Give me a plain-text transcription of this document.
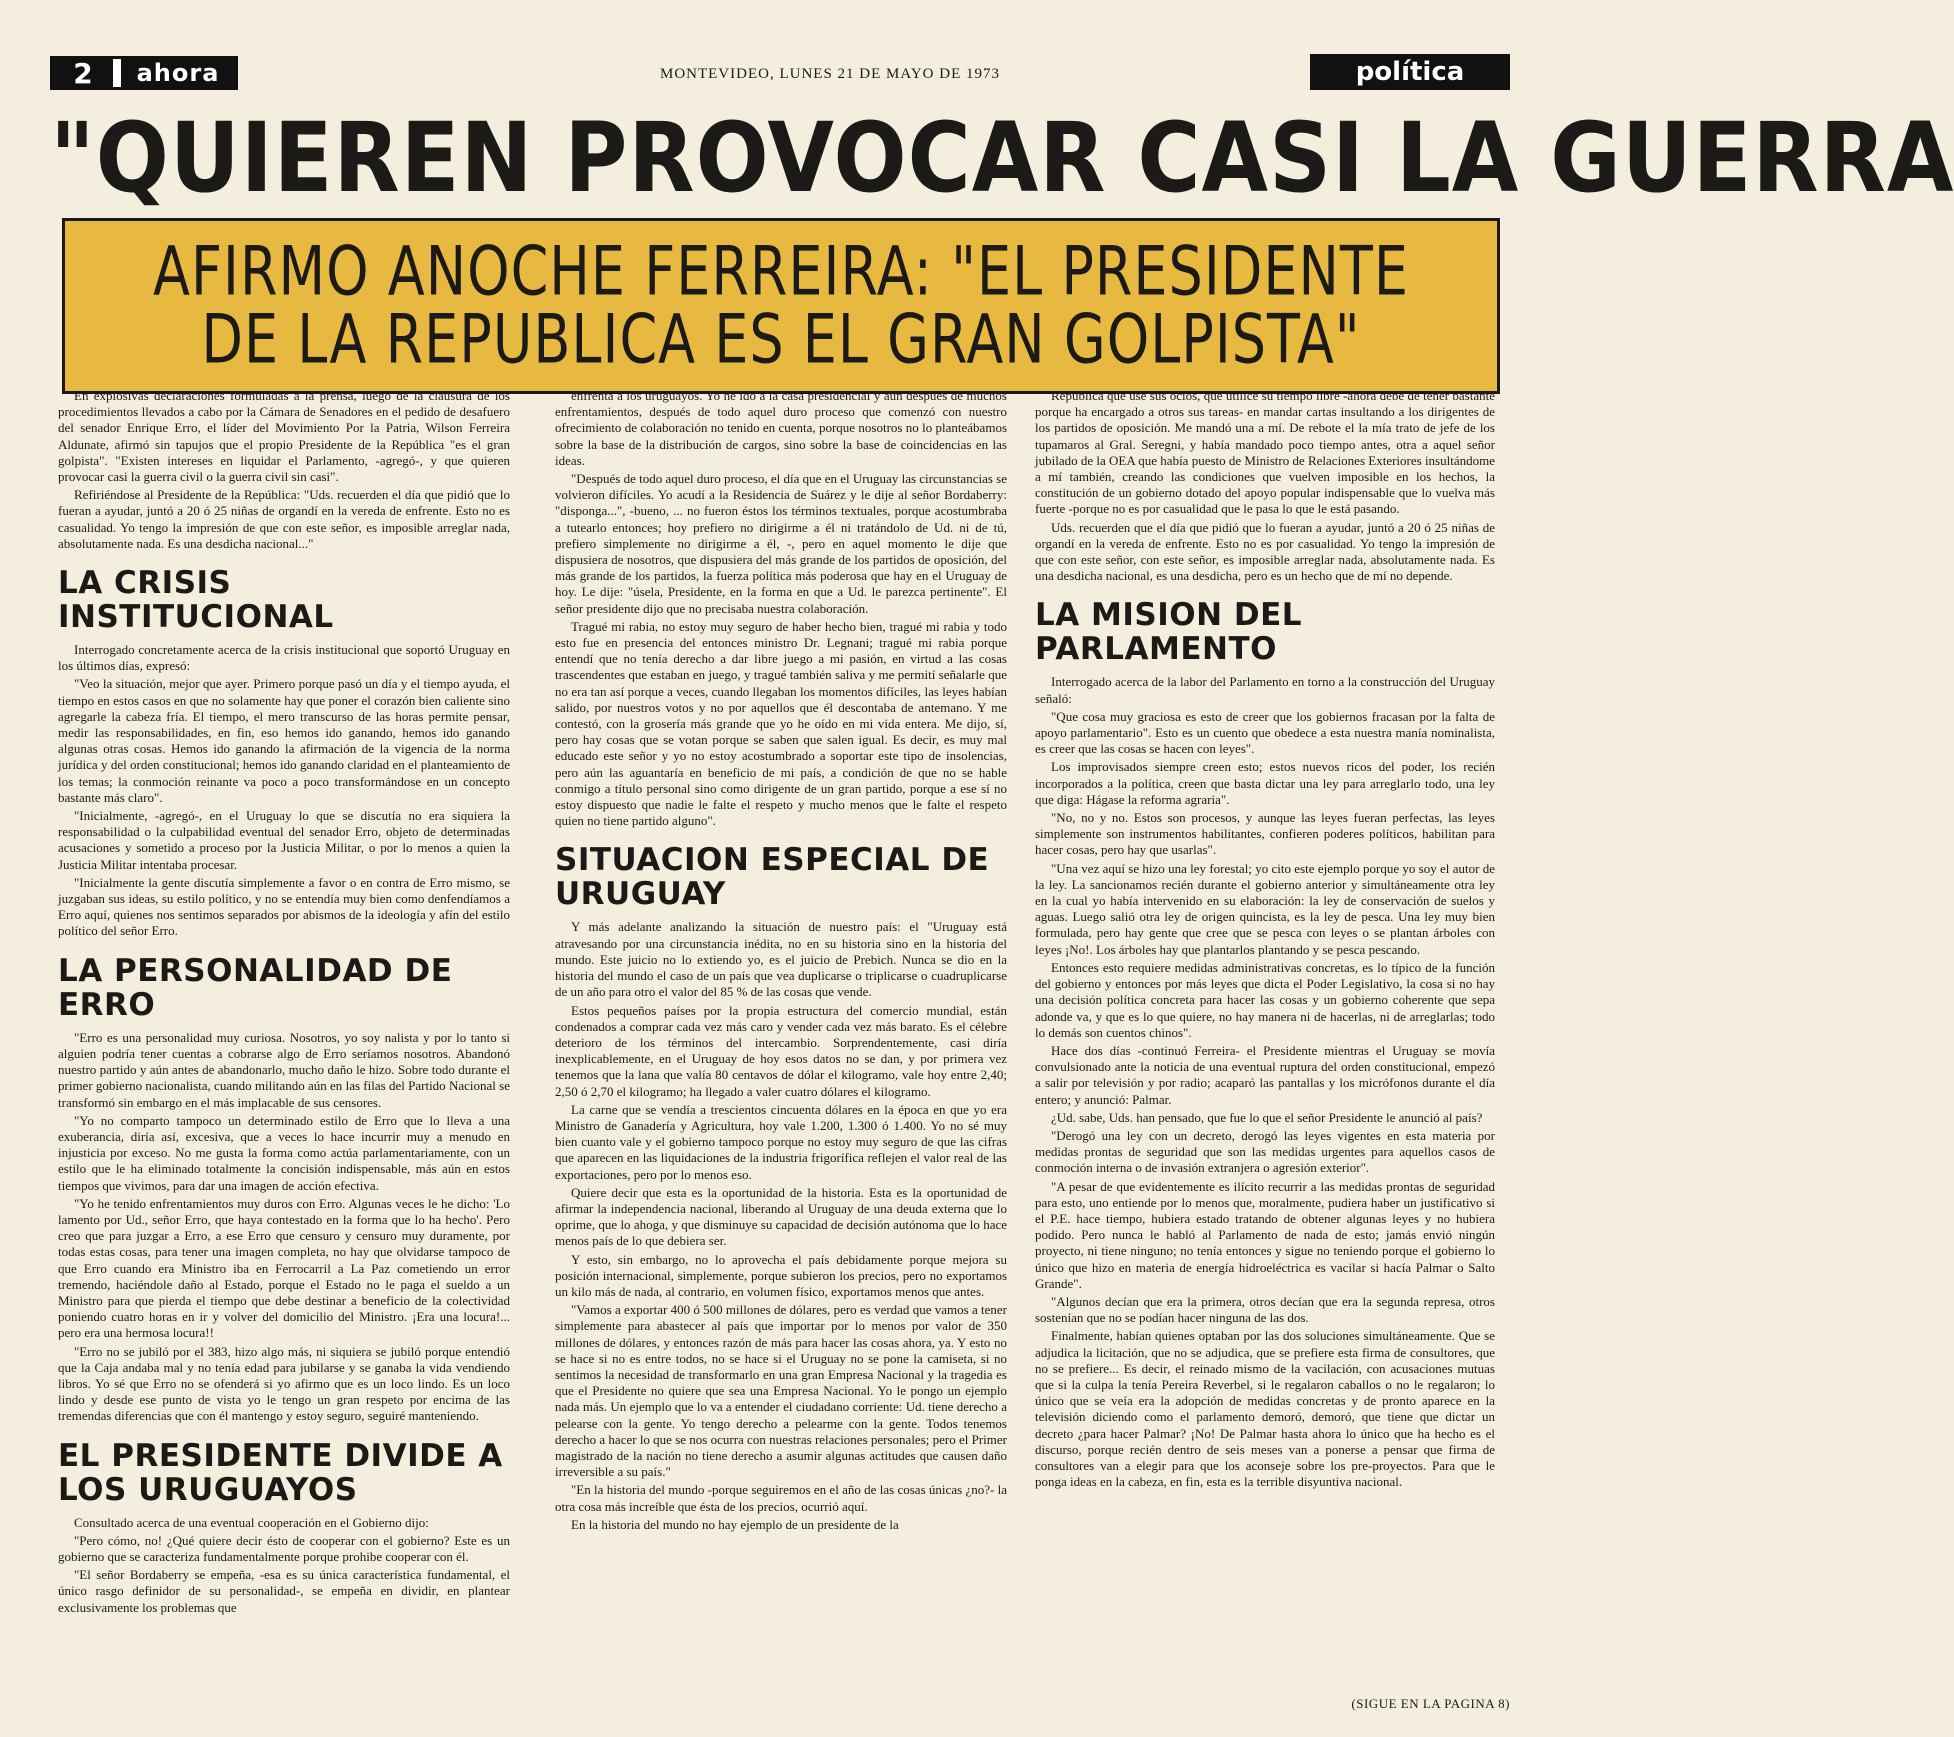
2	ahora	MONTEVIDEO, LUNES 21 DE MAYO DE 1973	política
"QUIEREN PROVOCAR CASI LA GUERRA
AFIRMO ANOCHE FERREIRA: "EL PRESIDENTE
DE LA REPUBLICA ES EL GRAN GOLPISTA"

En explosivas declaraciones formuladas a la prensa, luego de la clausura de los procedimientos llevados a cabo por la Cámara de Senadores en el pedido de desafuero del senador Enrique Erro, el líder del Movimiento Por la Patria, Wilson Ferreira Aldunate, afirmó sin tapujos que el propio Presidente de la República "es el gran golpista". "Existen intereses en liquidar el Parlamento, -agregó-, y que quieren provocar casi la guerra civil o la guerra civil sin casi".

Refiriéndose al Presidente de la República: "Uds. recuerden el día que pidió que lo fueran a ayudar, juntó a 20 ó 25 niñas de organdí en la vereda de enfrente. Esto no es casualidad. Yo tengo la impresión de que con este señor, es imposible arreglar nada, absolutamente nada. Es una desdicha nacional..."

LA CRISIS INSTITUCIONAL

Interrogado concretamente acerca de la crisis institucional que soportó Uruguay en los últimos días, expresó:

"Veo la situación, mejor que ayer. Primero porque pasó un día y el tiempo ayuda, el tiempo en estos casos en que no solamente hay que poner el corazón bien caliente sino agregarle la cabeza fría. El tiempo, el mero transcurso de las horas permite pensar, medir las responsabilidades, en fin, eso hemos ido ganando, hemos ido ganando algunas otras cosas. Hemos ido ganando la afirmación de la vigencia de la norma jurídica y del orden constitucional; hemos ido ganando claridad en el planteamiento de los temas; la conmoción reinante va poco a poco transformándose en un concepto bastante más claro".

"Inicialmente, -agregó-, en el Uruguay lo que se discutía no era siquiera la responsabilidad o la culpabilidad eventual del senador Erro, objeto de determinadas acusaciones y sometido a proceso por la Justicia Militar, o por lo menos a quien la Justicia Militar intentaba procesar.

"Inicialmente la gente discutía simplemente a favor o en contra de Erro mismo, se juzgaban sus ideas, su estilo político, y no se entendía muy bien como denfendíamos a Erro aquí, quienes nos sentimos separados por abismos de la ideología y afín del estilo político del señor Erro.

LA PERSONALIDAD DE ERRO

"Erro es una personalidad muy curiosa. Nosotros, yo soy nalista y por lo tanto si alguien podría tener cuentas a cobrarse algo de Erro seríamos nosotros. Abandonó nuestro partido y aún antes de abandonarlo, mucho daño le hizo. Sobre todo durante el primer gobierno nacionalista, cuando militando aún en las filas del Partido Nacional se transformó sin embargo en el más implacable de sus censores.

"Yo no comparto tampoco un determinado estilo de Erro que lo lleva a una exuberancia, diría así, excesiva, que a veces lo hace incurrir muy a menudo en injusticia por exceso. No me gusta la forma como actúa parlamentariamente, con un estilo que le ha eliminado totalmente la concisión indispensable, más aún en estos tiempos que vivimos, para dar una imagen de acción efectiva.

"Yo he tenido enfrentamientos muy duros con Erro. Algunas veces le he dicho: 'Lo lamento por Ud., señor Erro, que haya contestado en la forma que lo ha hecho'. Pero creo que para juzgar a Erro, a ese Erro que censuro y censuro muy duramente, por todas estas cosas, para tener una imagen completa, no hay que olvidarse tampoco de que Erro cuando era Ministro iba en Ferrocarril a La Paz cometiendo un error tremendo, haciéndole daño al Estado, porque el Estado no le paga el sueldo a un Ministro para que pierda el tiempo que debe destinar a beneficio de la colectividad poniendo cuatro horas en ir y volver del domicilio del Ministro. ¡Era una locura!... pero era una hermosa locura!!

"Erro no se jubiló por el 383, hizo algo más, ni siquiera se jubiló porque entendió que la Caja andaba mal y no tenía edad para jubilarse y se ganaba la vida vendiendo libros. Yo sé que Erro no se ofenderá si yo afirmo que es un loco lindo. Es un loco lindo y desde ese punto de vista yo le tengo un gran respeto por encima de las tremendas diferencias que con él mantengo y estoy seguro, seguiré manteniendo.

EL PRESIDENTE DIVIDE A LOS URUGUAYOS

Consultado acerca de una eventual cooperación en el Gobierno dijo:

"Pero cómo, no! ¿Qué quiere decir ésto de cooperar con el gobierno? Este es un gobierno que se caracteriza fundamentalmente porque prohibe cooperar con él.

"El señor Bordaberry se empeña, -esa es su única característica fundamental, el único rasgo definidor de su personalidad-, se empeña en dividir, en plantear exclusivamente los problemas que

enfrenta a los uruguayos. Yo he ido a la casa presidencial y aún después de muchos enfrentamientos, después de todo aquel duro proceso que comenzó con nuestro ofrecimiento de colaboración no tenido en cuenta, porque nosotros no lo planteábamos sobre la base de la distribución de cargos, sino sobre la base de coincidencias en las ideas.

"Después de todo aquel duro proceso, el día que en el Uruguay las circunstancias se volvieron difíciles. Yo acudí a la Residencia de Suárez y le dije al señor Bordaberry: "disponga...", -bueno, ... no fueron éstos los términos textuales, porque acostumbraba a tutearlo entonces; hoy prefiero no dirigirme a él ni tratándolo de Ud. ni de tú, prefiero simplemente no dirigirme a él, -, pero en aquel momento le dije que dispusiera de nosotros, que dispusiera del más grande de los partidos de oposición, del más grande de los partidos, la fuerza política más poderosa que hay en el Uruguay de hoy. Le dije: "úsela, Presidente, en la forma en que a Ud. le parezca pertinente". El señor presidente dijo que no precisaba nuestra colaboración.

Tragué mi rabia, no estoy muy seguro de haber hecho bien, tragué mi rabia y todo esto fue en presencia del entonces ministro Dr. Legnani; tragué mi rabia porque entendí que no tenía derecho a dar libre juego a mi pasión, en virtud a las cosas trascendentes que estaban en juego, y tragué también saliva y me permití señalarle que no era tan así porque a veces, cuando llegaban los momentos difíciles, las leyes habían salido, por nuestros votos y no por aquellos que él descontaba de antemano. Y me contestó, con la grosería más grande que yo he oído en mi vida entera. Me dijo, sí, pero hay cosas que se votan porque se saben que salen igual. Es decir, es muy mal educado este señor y yo no estoy acostumbrado a soportar este tipo de insolencias, pero aún las aguantaría en beneficio de mi país, a condición de que no se hable conmigo a título personal sino como dirigente de un gran partido, porque a ese sí no estoy dispuesto que nadie le falte el respeto y mucho menos que le falte el respeto quien no tiene partido alguno".

SITUACION ESPECIAL DE URUGUAY

Y más adelante analizando la situación de nuestro país: el "Uruguay está atravesando por una circunstancia inédita, no en su historia sino en la historia del mundo. Este juicio no lo extiendo yo, es el juicio de Prebich. Nunca se dio en la historia del mundo el caso de un país que vea duplicarse o triplicarse o cuadruplicarse de un año para otro el valor del 85 % de las cosas que vende.

Estos pequeños países por la propia estructura del comercio mundial, están condenados a comprar cada vez más caro y vender cada vez más barato. Es el célebre deterioro de los términos del intercambio. Sorprendentemente, casi diría inexplicablemente, en el Uruguay de hoy esos datos no se dan, y por primera vez tenemos que la lana que valía 80 centavos de dólar el kilogramo, vale hoy entre 2,40; 2,50 ó 2,70 el kilogramo; ha llegado a valer cuatro dólares el kilogramo.

La carne que se vendía a trescientos cincuenta dólares en la época en que yo era Ministro de Ganadería y Agricultura, hoy vale 1.200, 1.300 ó 1.400. Yo no sé muy bien cuanto vale y el gobierno tampoco porque no estoy muy seguro de que las cifras que aparecen en las liquidaciones de la industria frigorífica reflejen el valor real de las exportaciones, pero por lo menos eso.

Quiere decir que esta es la oportunidad de la historia. Esta es la oportunidad de afirmar la independencia nacional, liberando al Uruguay de una deuda externa que lo oprime, que lo ahoga, y que disminuye su capacidad de decisión autónoma que lo hace menos país de lo que debiera ser.

Y esto, sin embargo, no lo aprovecha el país debidamente porque mejora su posición internacional, simplemente, porque subieron los precios, pero no exportamos un kilo más de nada, al contrario, en volumen físico, exportamos menos que antes.

"Vamos a exportar 400 ó 500 millones de dólares, pero es verdad que vamos a tener simplemente para abastecer al país que importar por lo menos por valor de 350 millones de dólares, y entonces razón de más para hacer las cosas ahora, ya. Y esto no se hace si no es entre todos, no se hace si el Uruguay no se pone la camiseta, si no sentimos la necesidad de transformarlo en una gran Empresa Nacional y la tragedia es que el Presidente no quiere que sea una Empresa Nacional. Yo le pongo un ejemplo nada más. Un ejemplo que lo va a entender el ciudadano corriente: Ud. tiene derecho a pelearse con la gente. Yo tengo derecho a pelearme con la gente. Todos tenemos derecho a hacer lo que se nos ocurra con nuestras relaciones personales; pero el Primer magistrado de la nación no tiene derecho a asumir algunas actitudes que causen daño irreversible a su país."

"En la historia del mundo -porque seguiremos en el año de las cosas únicas ¿no?- la otra cosa más increíble que ésta de los precios, ocurrió aquí.

En la historia del mundo no hay ejemplo de un presidente de la

República que use sus ocios, que utilice su tiempo libre -ahora debe de tener bastante porque ha encargado a otros sus tareas- en mandar cartas insultando a los dirigentes de los partidos de oposición. Me mandó una a mí. De rebote el la mía trato de jefe de los tupamaros al Gral. Seregni, y había mandado poco tiempo antes, otra a aquel señor jubilado de la OEA que había puesto de Ministro de Relaciones Exteriores insultándome a mí también, creando las condiciones que vuelven imposible en los hechos, la constitución de un gobierno dotado del apoyo popular indispensable que lo vuelva más fuerte -porque no es por casualidad que le pasa lo que le está pasando.

Uds. recuerden que el día que pidió que lo fueran a ayudar, juntó a 20 ó 25 niñas de organdí en la vereda de enfrente. Esto no es por casualidad. Yo tengo la impresión de que con este señor, con este señor, es imposible arreglar nada, absolutamente nada. Es una desdicha nacional, es una desdicha, pero es un hecho que de mí no depende.

LA MISION DEL PARLAMENTO

Interrogado acerca de la labor del Parlamento en torno a la construcción del Uruguay señaló:

"Que cosa muy graciosa es esto de creer que los gobiernos fracasan por la falta de apoyo parlamentario". Esto es un cuento que obedece a esta nuestra manía nominalista, es creer que las cosas se hacen con leyes".

Los improvisados siempre creen esto; estos nuevos ricos del poder, los recién incorporados a la política, creen que basta dictar una ley para arreglarlo todo, una ley que diga: Hágase la reforma agraria".

"No, no y no. Estos son procesos, y aunque las leyes fueran perfectas, las leyes simplemente son instrumentos habilitantes, confieren poderes políticos, habilitan para hacer cosas, pero hay que usarlas".

"Una vez aquí se hizo una ley forestal; yo cito este ejemplo porque yo soy el autor de la ley. La sancionamos recién durante el gobierno anterior y simultáneamente otra ley en la cual yo había intervenido en su elaboración: la ley de conservación de suelos y aguas. Luego salió otra ley de origen quincista, es la ley de pesca. Una ley muy bien formulada, pero hay gente que cree que se pesca con leyes o se plantan árboles con leyes ¡No!. Los árboles hay que plantarlos plantando y se pesca pescando.

Entonces esto requiere medidas administrativas concretas, es lo típico de la función del gobierno y entonces por más leyes que dicta el Poder Legislativo, la cosa si no hay una decisión política concreta para hacer las cosas y un gobierno coherente que sepa adonde va, y que es lo que quiere, no hay manera ni de hacerlas, ni de arreglarlas; todo lo demás son cuentos chinos".

Hace dos días -continuó Ferreira- el Presidente mientras el Uruguay se movía convulsionado ante la noticia de una eventual ruptura del orden constitucional, empezó a salir por televisión y por radio; acaparó las pantallas y los micrófonos durante el día entero; y anunció: Palmar.

¿Ud. sabe, Uds. han pensado, que fue lo que el señor Presidente le anunció al país?

"Derogó una ley con un decreto, derogó las leyes vigentes en esta materia por medidas prontas de seguridad que son las medidas urgentes para aquellos casos de conmoción interna o de invasión extranjera o agresión exterior".

"A pesar de que evidentemente es ilícito recurrir a las medidas prontas de seguridad para esto, uno entiende por lo menos que, moralmente, pudiera haber un justificativo si el P.E. hace tiempo, hubiera estado tratando de obtener algunas leyes y no hubiera podido. Pero nunca le habló al Parlamento de nada de esto; jamás envió ningún proyecto, ni tiene ninguno; no tenía entonces y sigue no teniendo porque el gobierno lo único que hizo en materia de energía hidroeléctrica es vacilar si hacía Palmar o Salto Grande".

"Algunos decían que era la primera, otros decían que era la segunda represa, otros sostenían que no se podían hacer ninguna de las dos.

Finalmente, habían quienes optaban por las dos soluciones simultáneamente. Que se adjudica la licitación, que no se adjudica, que se prefiere esta firma de consultores, que no se prefiere... Es decir, el reinado mismo de la vacilación, con acusaciones mutuas que si la culpa la tenía Pereira Reverbel, si le regalaron caballos o no le regalaron; lo único que se veía era la adopción de medidas concretas y de pronto aparece en la televisión diciendo como el parlamento demoró, demoró, que tiene que dictar un decreto ¿para hacer Palmar? ¡No! De Palmar hasta ahora lo único que ha hecho es el discurso, porque recién dentro de seis meses van a ponerse a pensar que firma de consultores van a elegir para que los aconseje sobre los pre-proyectos. Para que le ponga ideas en la cabeza, en fin, esta es la terrible disyuntiva nacional.

(SIGUE EN LA PAGINA 8)
